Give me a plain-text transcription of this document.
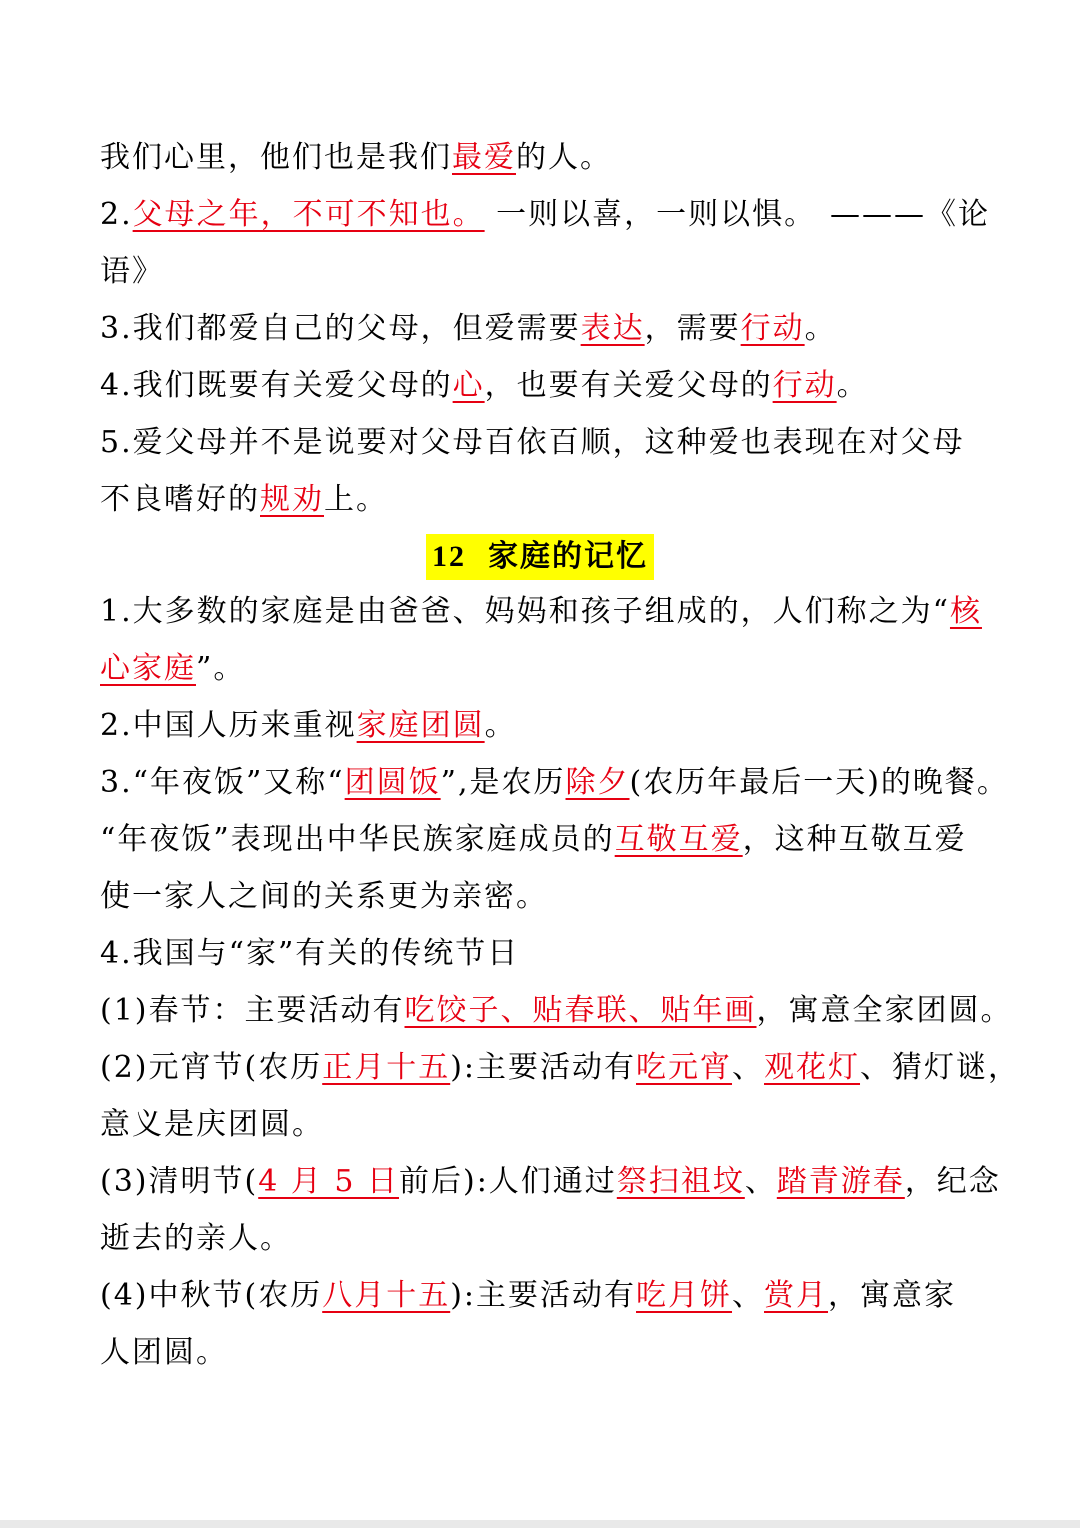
我们心里，他们也是我们最爱的人。
2.父母之年，不可不知也。 一则以喜，一则以惧。 ———《论
语》
3.我们都爱自己的父母，但爱需要表达，需要行动。
4.我们既要有关爱父母的心，也要有关爱父母的行动。
5.爱父母并不是说要对父母百依百顺，这种爱也表现在对父母
不良嗜好的规劝上。
12 家庭的记忆
1.大多数的家庭是由爸爸、妈妈和孩子组成的，人们称之为“核
心家庭”。
2.中国人历来重视家庭团圆。
3.“年夜饭”又称“团圆饭”,是农历除夕(农历年最后一天)的晚餐。
“年夜饭”表现出中华民族家庭成员的互敬互爱，这种互敬互爱
使一家人之间的关系更为亲密。
4.我国与“家”有关的传统节日
(1)春节：主要活动有吃饺子、贴春联、贴年画，寓意全家团圆。
(2)元宵节(农历正月十五):主要活动有吃元宵、观花灯、猜灯谜，
意义是庆团圆。
(3)清明节(4 月 5 日前后):人们通过祭扫祖坟、踏青游春，纪念
逝去的亲人。
(4)中秋节(农历八月十五):主要活动有吃月饼、赏月，寓意家
人团圆。
